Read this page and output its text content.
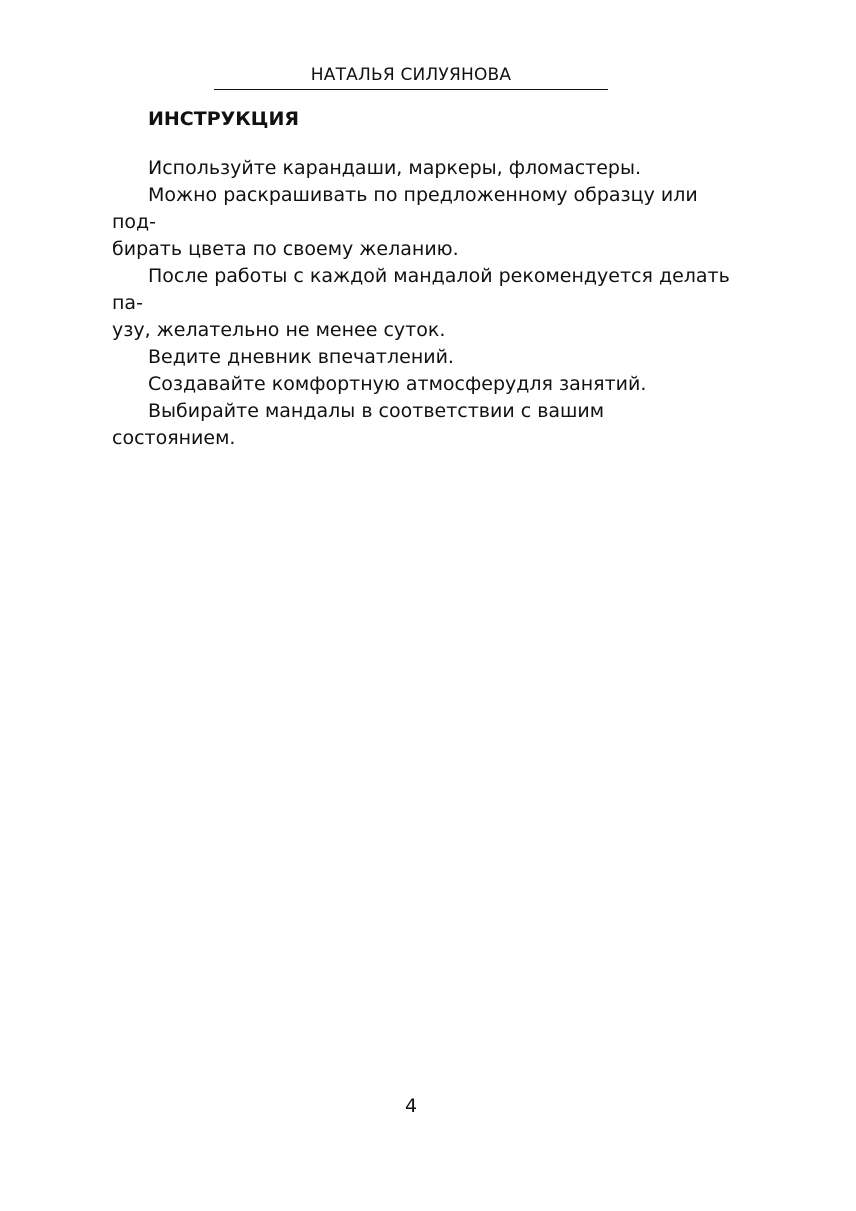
НАТАЛЬЯ СИЛУЯНОВА
ИНСТРУКЦИЯ

Используйте карандаши, маркеры, фломастеры.

Можно раскрашивать по предложенному образцу или под-
бирать цвета по своему желанию.

После работы с каждой мандалой рекомендуется делать па-
узу, желательно не менее суток.

Ведите дневник впечатлений.

Создавайте комфортную атмосферудля занятий.

Выбирайте мандалы в соответствии с вашим состоянием.

4
